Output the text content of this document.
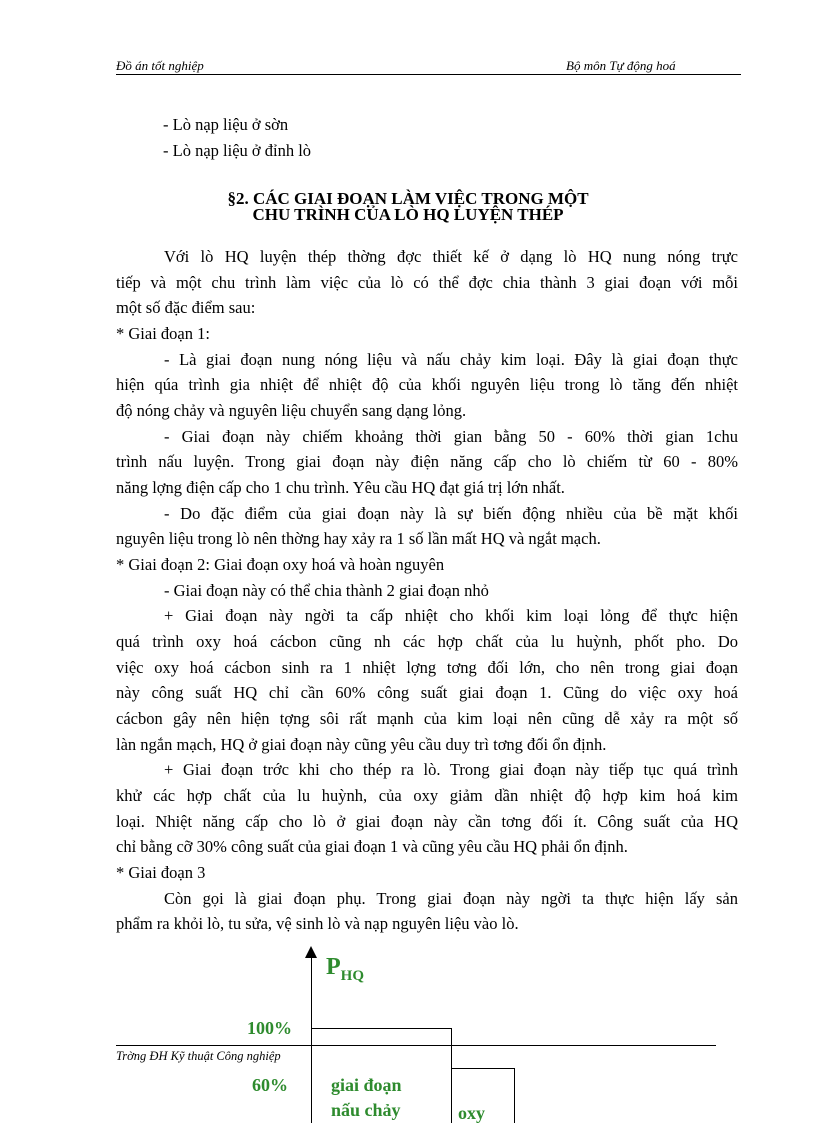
Đồ án tốt nghiệp	Bộ môn Tự động hoá
- Lò nạp liệu ở sờn
- Lò nạp liệu ở đỉnh lò
§2. CÁC GIAI ĐOẠN LÀM VIỆC TRONG MỘT
CHU TRÌNH CỦA LÒ HQ LUYỆN THÉP
Với lò HQ luyện thép thờng đợc thiết kế ở dạng lò HQ nung nóng trực
tiếp và một chu trình làm việc của lò có thể đợc chia thành 3 giai đoạn với mỗi
một số đặc điểm sau:
* Giai đoạn 1:
- Là giai đoạn nung nóng liệu và nấu chảy kim loại. Đây là giai đoạn thực
hiện qúa trình gia nhiệt để nhiệt độ của khối nguyên liệu trong lò tăng đến nhiệt
độ nóng chảy và nguyên liệu chuyển sang dạng lỏng.
- Giai đoạn này chiếm khoảng thời gian bằng 50 - 60% thời gian 1chu
trình nấu luyện. Trong giai đoạn này điện năng cấp cho lò chiếm từ 60 - 80%
năng lợng điện cấp cho 1 chu trình. Yêu cầu HQ đạt giá trị lớn nhất.
- Do đặc điểm của giai đoạn này là sự biến động nhiều của bề mặt khối
nguyên liệu trong lò nên thờng hay xảy ra 1 số lần mất HQ và ngắt mạch.
* Giai đoạn 2: Giai đoạn oxy hoá và hoàn nguyên
- Giai đoạn này có thể chia thành 2 giai đoạn nhỏ
+ Giai đoạn này ngời ta cấp nhiệt cho khối kim loại lỏng để thực hiện
quá trình oxy hoá cácbon cũng nh các hợp chất của lu huỳnh, phốt pho. Do
việc oxy hoá cácbon sinh ra 1 nhiệt lợng tơng đối lớn, cho nên trong giai đoạn
này công suất HQ chỉ cần 60% công suất giai đoạn 1. Cũng do việc oxy hoá
cácbon gây nên hiện tợng sôi rất mạnh của kim loại nên cũng dễ xảy ra một số
làn ngắn mạch, HQ ở giai đoạn này cũng yêu cầu duy trì tơng đối ổn định.
+ Giai đoạn trớc khi cho thép ra lò. Trong giai đoạn này tiếp tục quá trình
khử các hợp chất của lu huỳnh, của oxy giảm dần nhiệt độ hợp kim hoá kim
loại. Nhiệt năng cấp cho lò ở giai đoạn này cần tơng đối ít. Công suất của HQ
chỉ bằng cỡ 30% công suất của giai đoạn 1 và cũng yêu cầu HQ phải ổn định.
* Giai đoạn 3
Còn gọi là giai đoạn phụ. Trong giai đoạn này ngời ta thực hiện lấy sản
phẩm ra khỏi lò, tu sửa, vệ sinh lò và nạp nguyên liệu vào lò.
$P_{HQ}$
100%
60% giai đoạn
nấu chảy	oxy
Trờng ĐH Kỹ thuật Công nghiệp
